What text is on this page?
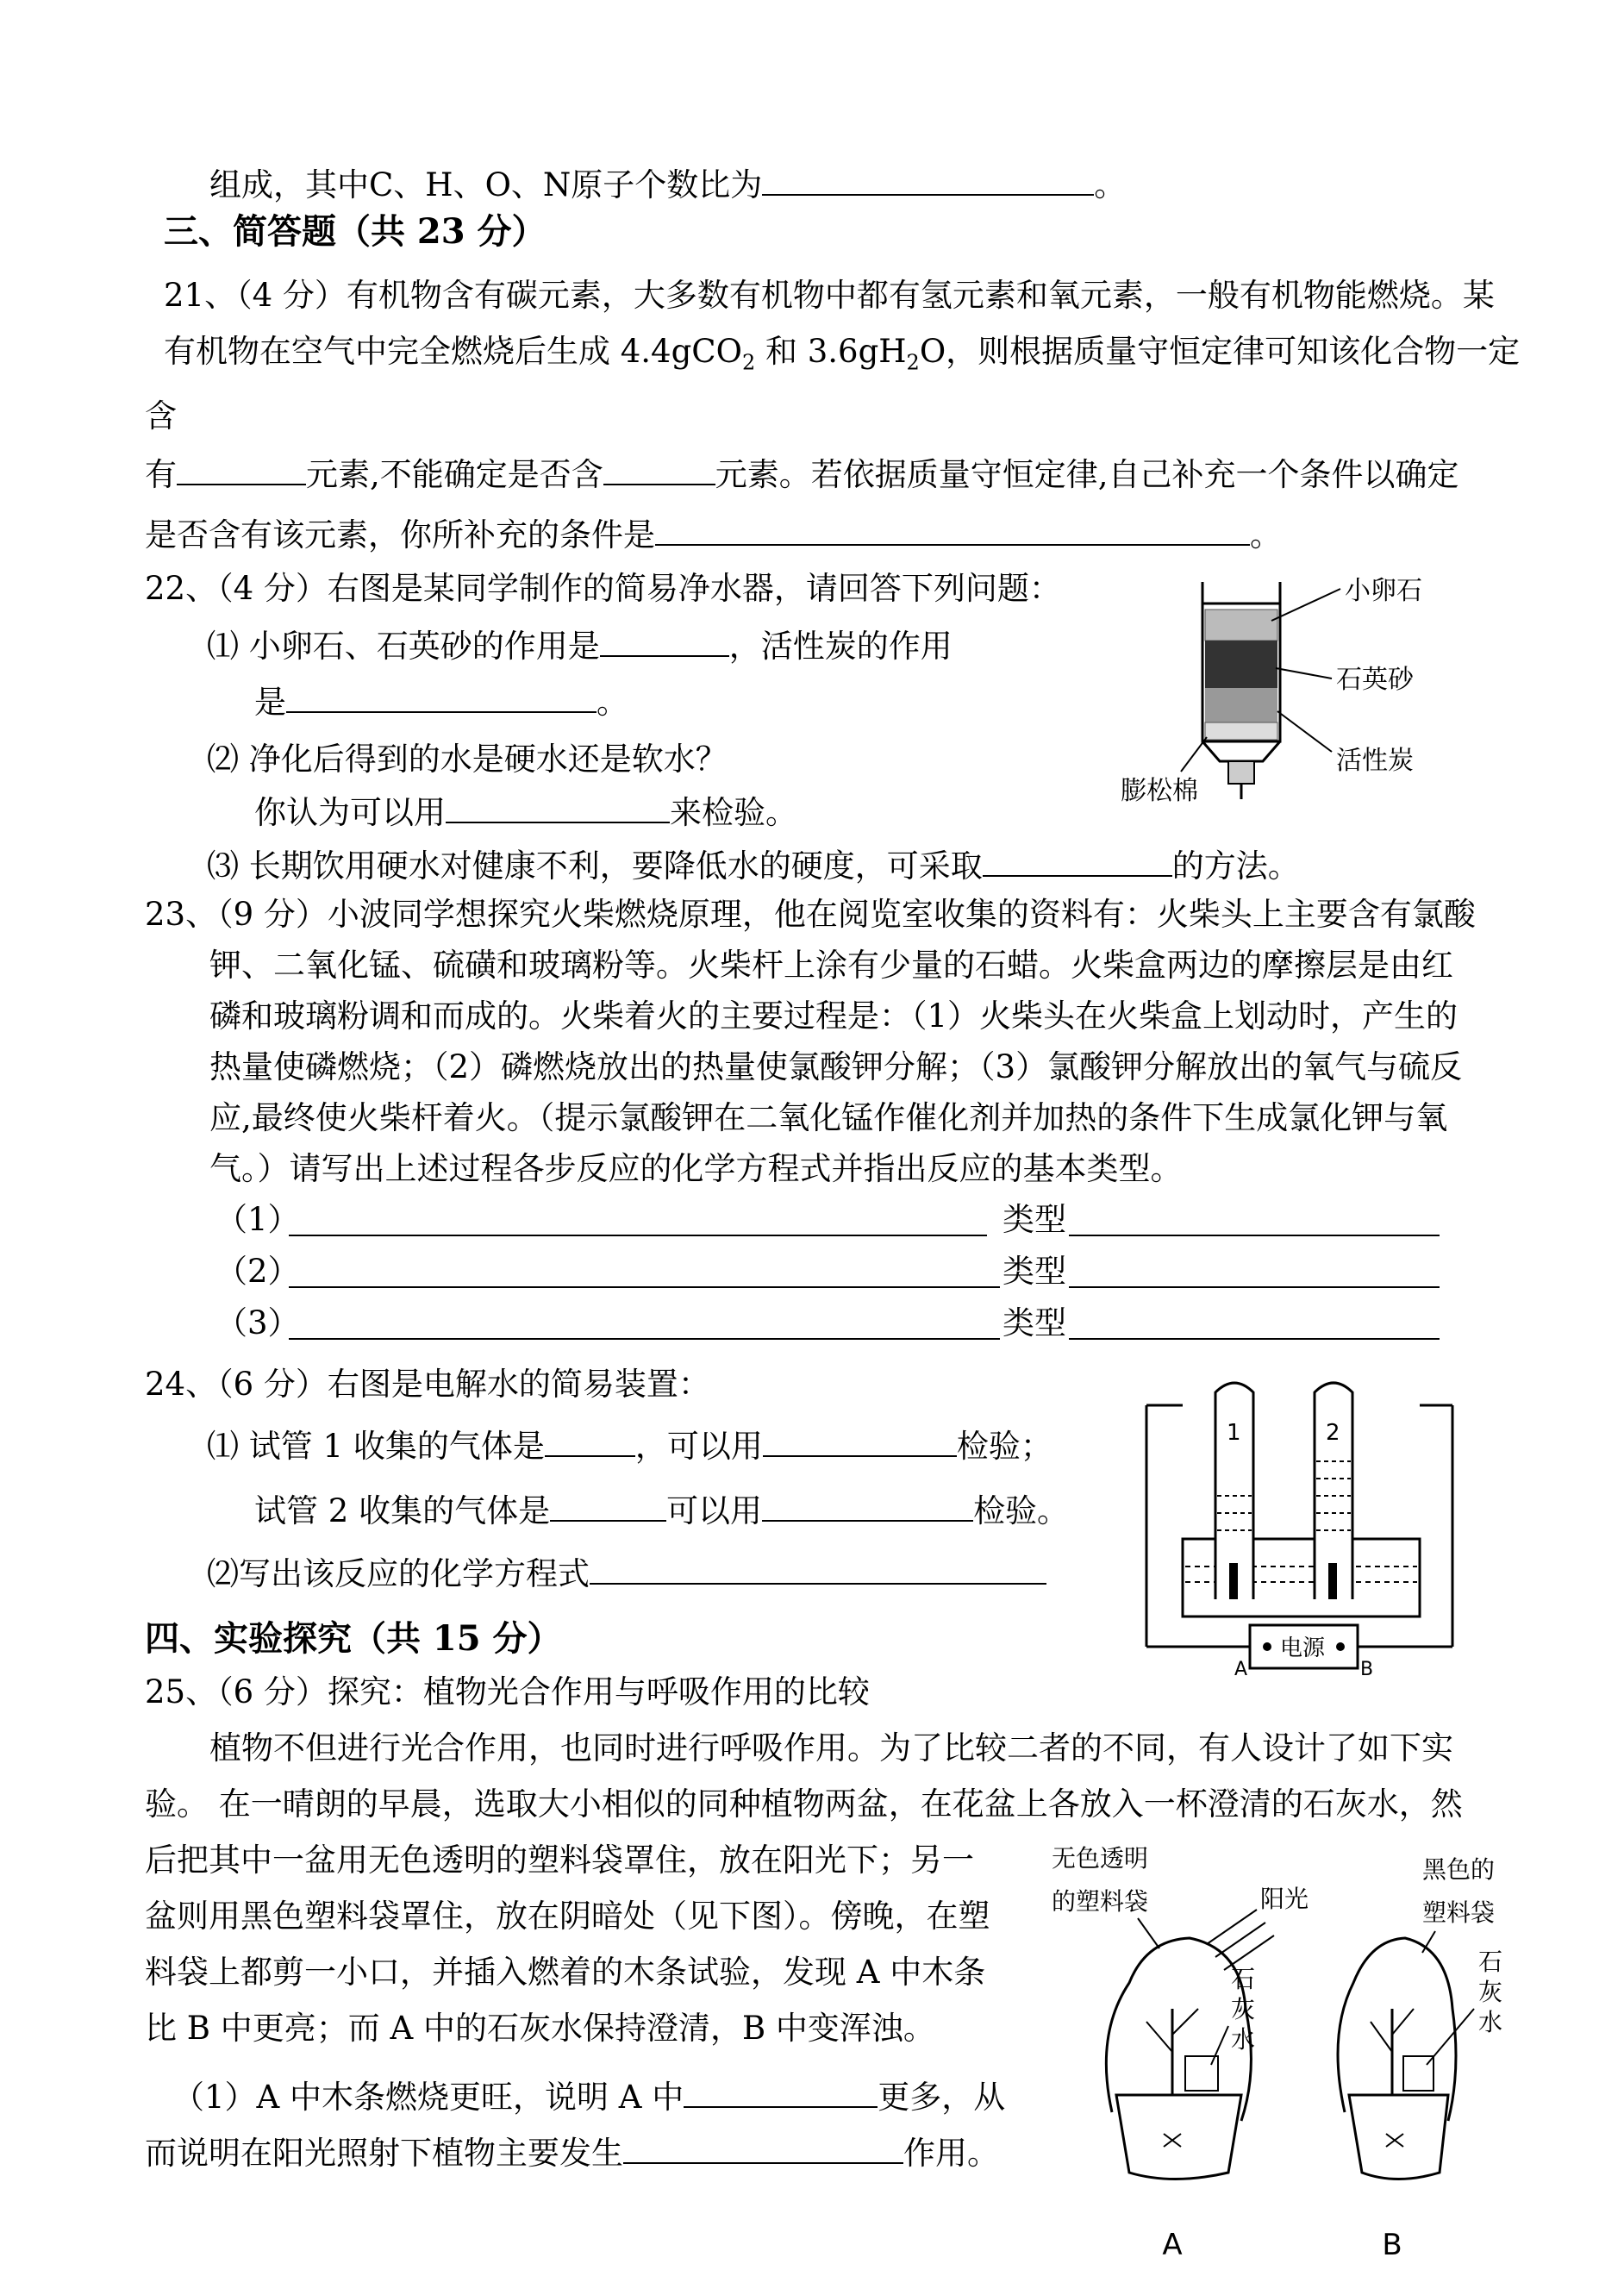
组成，其中C、H、O、N原子个数比为	。
三、简答题（共 23 分）
21、（4 分）有机物含有碳元素，大多数有机物中都有氢元素和氧元素，一般有机物能燃烧。某
有机物在空气中完全燃烧后生成 4.4gCO$_2$ 和 $3.6gH_2O$，则根据质量守恒定律可知该化合物一定
含
有	元素,不能确定是否含	元素。若依据质量守恒定律,自己补充一个条件以确定
是否含有该元素，你所补充的条件是	。
22、（4 分）右图是某同学制作的简易净水器，请回答下列问题：
⑴ 小卵石、石英砂的作用是	，活性炭的作用
是	。
⑵ 净化后得到的水是硬水还是软水？
你认为可以用	来检验。
⑶ 长期饮用硬水对健康不利，要降低水的硬度，可采取	的方法。
小卵石
石英砂
活性炭
膨松棉
23、（9 分）小波同学想探究火柴燃烧原理，他在阅览室收集的资料有：火柴头上主要含有氯酸
钾、二氧化锰、硫磺和玻璃粉等。火柴杆上涂有少量的石蜡。火柴盒两边的摩擦层是由红
磷和玻璃粉调和而成的。火柴着火的主要过程是：（1）火柴头在火柴盒上划动时，产生的
热量使磷燃烧；（2）磷燃烧放出的热量使氯酸钾分解；（3）氯酸钾分解放出的氧气与硫反
应,最终使火柴杆着火。（提示氯酸钾在二氧化锰作催化剂并加热的条件下生成氯化钾与氧
气。）请写出上述过程各步反应的化学方程式并指出反应的基本类型。
（1）	类型
（2）	类型
（3）	类型
24、（6 分）右图是电解水的简易装置：
⑴ 试管 1 收集的气体是	，可以用	检验；
试管 2 收集的气体是	可以用	检验。
⑵写出该反应的化学方程式
1	2
电源
A	B
四、实验探究（共 15 分）
25、（6 分）探究：植物光合作用与呼吸作用的比较
植物不但进行光合作用，也同时进行呼吸作用。为了比较二者的不同，有人设计了如下实
验。 在一晴朗的早晨，选取大小相似的同种植物两盆，在花盆上各放入一杯澄清的石灰水，然
后把其中一盆用无色透明的塑料袋罩住，放在阳光下；另一
盆则用黑色塑料袋罩住，放在阴暗处（见下图）。傍晚，在塑
料袋上都剪一小口，并插入燃着的木条试验，发现 A 中木条
比 B 中更亮；而 A 中的石灰水保持澄清，B 中变浑浊。
（1）A 中木条燃烧更旺，说明 A 中	更多，从
而说明在阳光照射下植物主要发生	作用。
无色透明
的塑料袋	阳光
黑色的
塑料袋
石
灰
水
A
石
灰
水
B
